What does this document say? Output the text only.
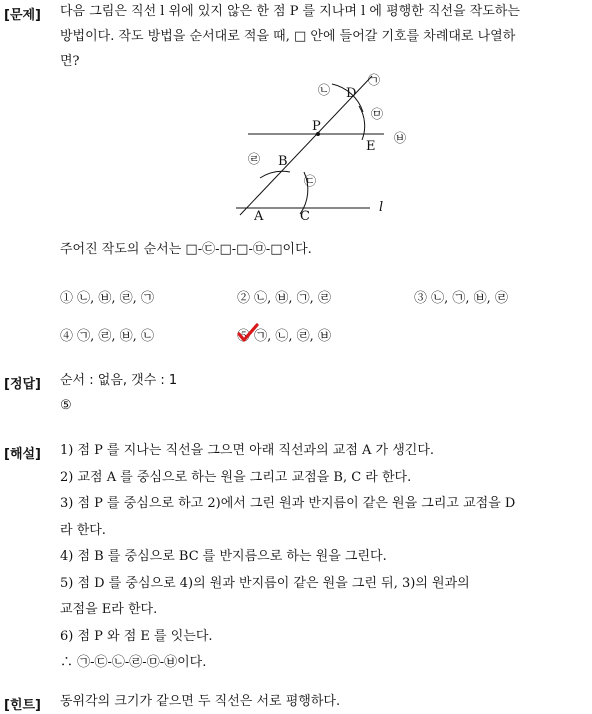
[문제] 다음 그림은 직선 l 위에 있지 않은 한 점 P 를 지나며 l 에 평행한 직선을 작도하는
방법이다. 작도 방법을 순서대로 적을 때, □ 안에 들어갈 기호를 차례대로 나열하
면?
P
D
E
B
A	C
l
㉠
㉡
㉢
㉣
㉤
㉥
주어진 작도의 순서는 □-㉢-□-□-㉤-□이다.
① ㉡, ㉥, ㉣, ㉠	② ㉡, ㉥, ㉠, ㉣	③ ㉡, ㉠, ㉥, ㉣
④ ㉠, ㉣, ㉥, ㉡	⑤ ㉠, ㉡, ㉣, ㉥
[정답] 순서 : 없음, 갯수 : 1
⑤
[해설] 1) 점 P 를 지나는 직선을 그으면 아래 직선과의 교점 A 가 생긴다.
2) 교점 A 를 중심으로 하는 원을 그리고 교점을 B, C 라 한다.
3) 점 P 를 중심으로 하고 2)에서 그린 원과 반지름이 같은 원을 그리고 교점을 D
라 한다.
4) 점 B 를 중심으로 BC 를 반지름으로 하는 원을 그린다.
5) 점 D 를 중심으로 4)의 원과 반지름이 같은 원을 그린 뒤, 3)의 원과의
교점을 E라 한다.
6) 점 P 와 점 E 를 잇는다.
∴ ㉠-㉢-㉡-㉣-㉤-㉥이다.
[힌트] 동위각의 크기가 같으면 두 직선은 서로 평행하다.
